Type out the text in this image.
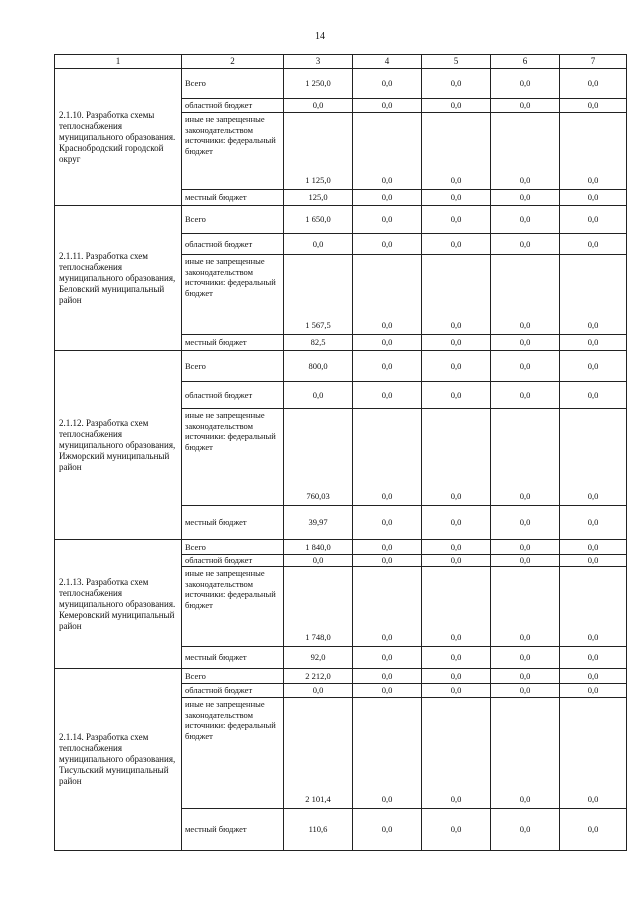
14
1	2	3	4	5	6	7
2.1.10. Разработка схемы теплоснабжения муниципального образования. Краснобродский городской округ	Всего	1 250,0	0,0	0,0	0,0	0,0
	областной бюджет	0,0	0,0	0,0	0,0	0,0
	иные не запрещенные законодательством источники: федеральный бюджет	1 125,0	0,0	0,0	0,0	0,0
	местный бюджет	125,0	0,0	0,0	0,0	0,0
2.1.11. Разработка схем теплоснабжения муниципального образования, Беловский муниципальный район	Всего	1 650,0	0,0	0,0	0,0	0,0
	областной бюджет	0,0	0,0	0,0	0,0	0,0
	иные не запрещенные законодательством источники: федеральный бюджет	1 567,5	0,0	0,0	0,0	0,0
	местный бюджет	82,5	0,0	0,0	0,0	0,0
2.1.12. Разработка схем теплоснабжения муниципального образования, Ижморский муниципальный район	Всего	800,0	0,0	0,0	0,0	0,0
	областной бюджет	0,0	0,0	0,0	0,0	0,0
	иные не запрещенные законодательством источники: федеральный бюджет	760,03	0,0	0,0	0,0	0,0
	местный бюджет	39,97	0,0	0,0	0,0	0,0
2.1.13. Разработка схем теплоснабжения муниципального образования. Кемеровский муниципальный район	Всего	1 840,0	0,0	0,0	0,0	0,0
	областной бюджет	0,0	0,0	0,0	0,0	0,0
	иные не запрещенные законодательством источники: федеральный бюджет	1 748,0	0,0	0,0	0,0	0,0
	местный бюджет	92,0	0,0	0,0	0,0	0,0
2.1.14. Разработка схем теплоснабжения муниципального образования, Тисульский муниципальный район	Всего	2 212,0	0,0	0,0	0,0	0,0
	областной бюджет	0,0	0,0	0,0	0,0	0,0
	иные не запрещенные законодательством источники: федеральный бюджет	2 101,4	0,0	0,0	0,0	0,0
	местный бюджет	110,6	0,0	0,0	0,0	0,0
